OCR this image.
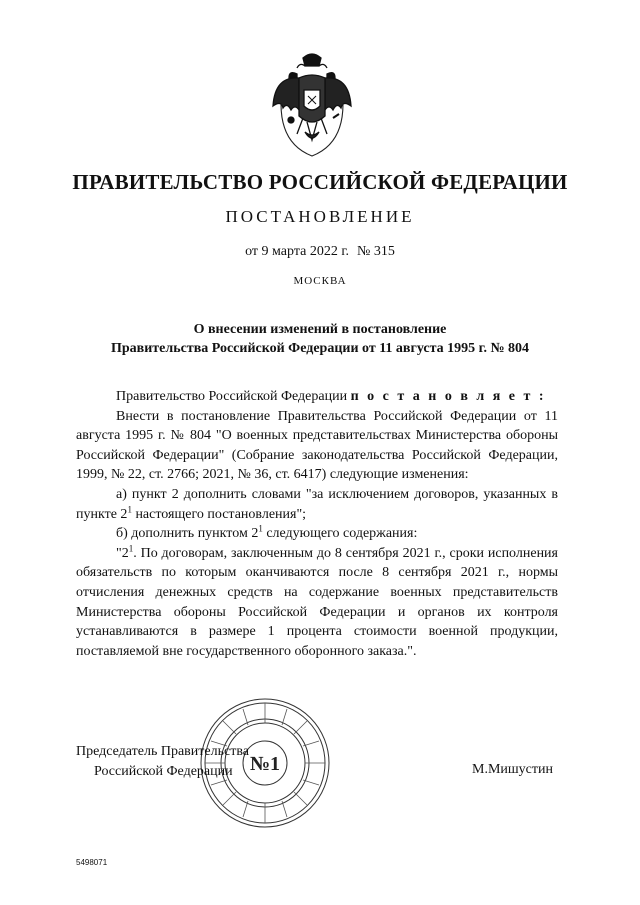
ПРАВИТЕЛЬСТВО РОССИЙСКОЙ ФЕДЕРАЦИИ
ПОСТАНОВЛЕНИЕ
от 9 марта 2022 г. № 315
МОСКВА
О внесении изменений в постановление
Правительства Российской Федерации от 11 августа 1995 г. № 804

Правительство Российской Федерации п о с т а н о в л я е т :

Внести в постановление Правительства Российской Федерации от 11 августа 1995 г. № 804 "О военных представительствах Министерства обороны Российской Федерации" (Собрание законодательства Российской Федерации, 1999, № 22, ст. 2766; 2021, № 36, ст. 6417) следующие изменения:

а) пункт 2 дополнить словами "за исключением договоров, указанных в пункте $2^1$ настоящего постановления";

б) дополнить пунктом $2^1$ следующего содержания:

"$2^1$. По договорам, заключенным до 8 сентября 2021 г., сроки исполнения обязательств по которым оканчиваются после 8 сентября 2021 г., нормы отчисления денежных средств на содержание военных представительств Министерства обороны Российской Федерации и органов их контроля устанавливаются в размере 1 процента стоимости военной продукции, поставляемой вне государственного оборонного заказа.".

№1
Председатель Правительства
Российской Федерации	М.Мишустин
5498071
